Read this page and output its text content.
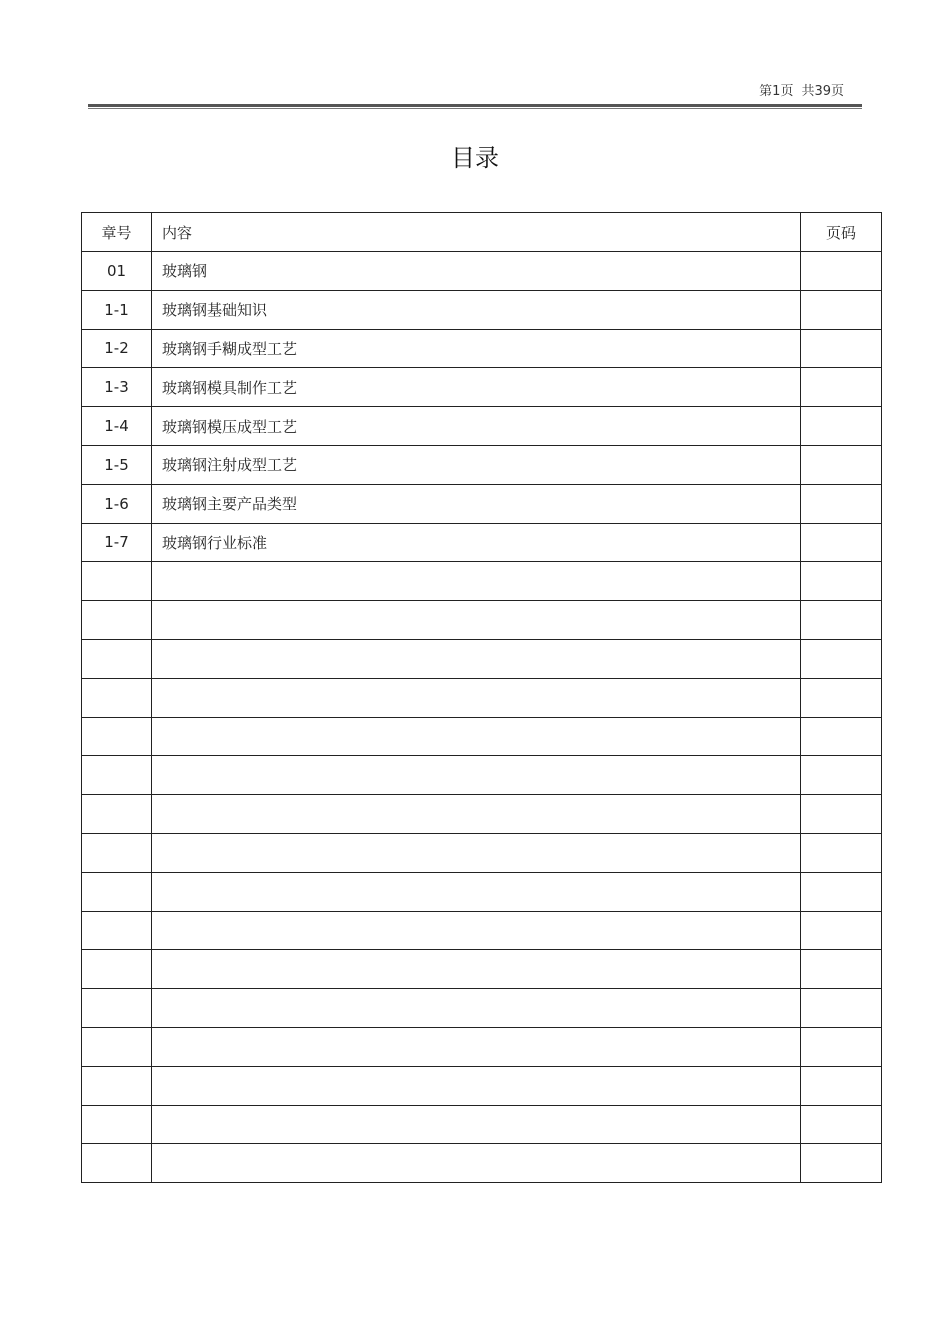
第1页 共39页
目录
章号	内容	页码
01	玻璃钢	
1-1	玻璃钢基础知识	
1-2	玻璃钢手糊成型工艺	
1-3	玻璃钢模具制作工艺	
1-4	玻璃钢模压成型工艺	
1-5	玻璃钢注射成型工艺	
1-6	玻璃钢主要产品类型	
1-7	玻璃钢行业标准	
